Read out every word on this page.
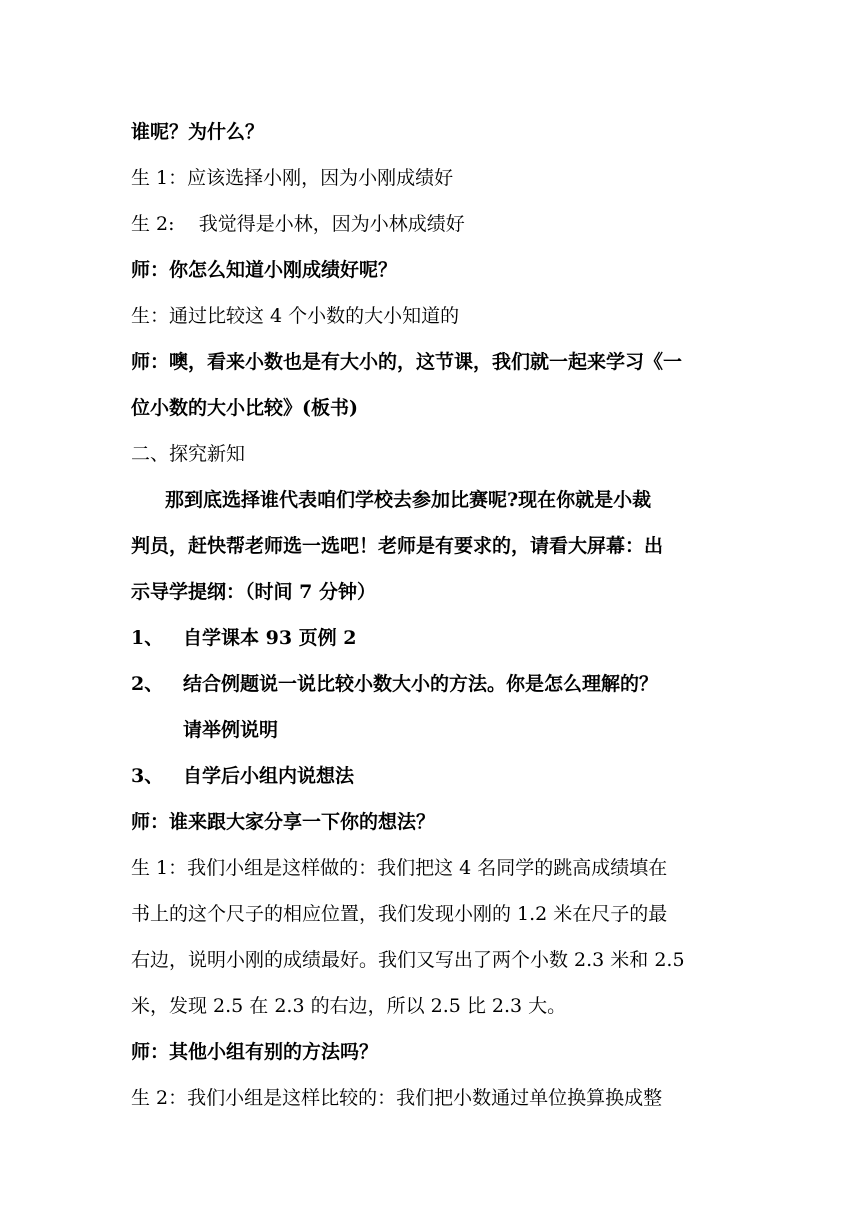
谁呢？为什么？
生 1：应该选择小刚，因为小刚成绩好
生 2:    我觉得是小林，因为小林成绩好
师：你怎么知道小刚成绩好呢？
生：通过比较这 4 个小数的大小知道的
师：噢，看来小数也是有大小的，这节课，我们就一起来学习《一
位小数的大小比较》(板书)
二、探究新知
那到底选择谁代表咱们学校去参加比赛呢?现在你就是小裁
判员，赶快帮老师选一选吧！老师是有要求的，请看大屏幕：出
示导学提纲：（时间 7 分钟）
1、 自学课本 93 页例 2
2、 结合例题说一说比较小数大小的方法。你是怎么理解的？
请举例说明
3、 自学后小组内说想法
师：谁来跟大家分享一下你的想法？
生 1：我们小组是这样做的：我们把这 4 名同学的跳高成绩填在
书上的这个尺子的相应位置，我们发现小刚的 1.2 米在尺子的最
右边，说明小刚的成绩最好。我们又写出了两个小数 2.3 米和 2.5
米，发现 2.5 在 2.3 的右边，所以 2.5 比 2.3 大。
师：其他小组有别的方法吗？
生 2：我们小组是这样比较的：我们把小数通过单位换算换成整
